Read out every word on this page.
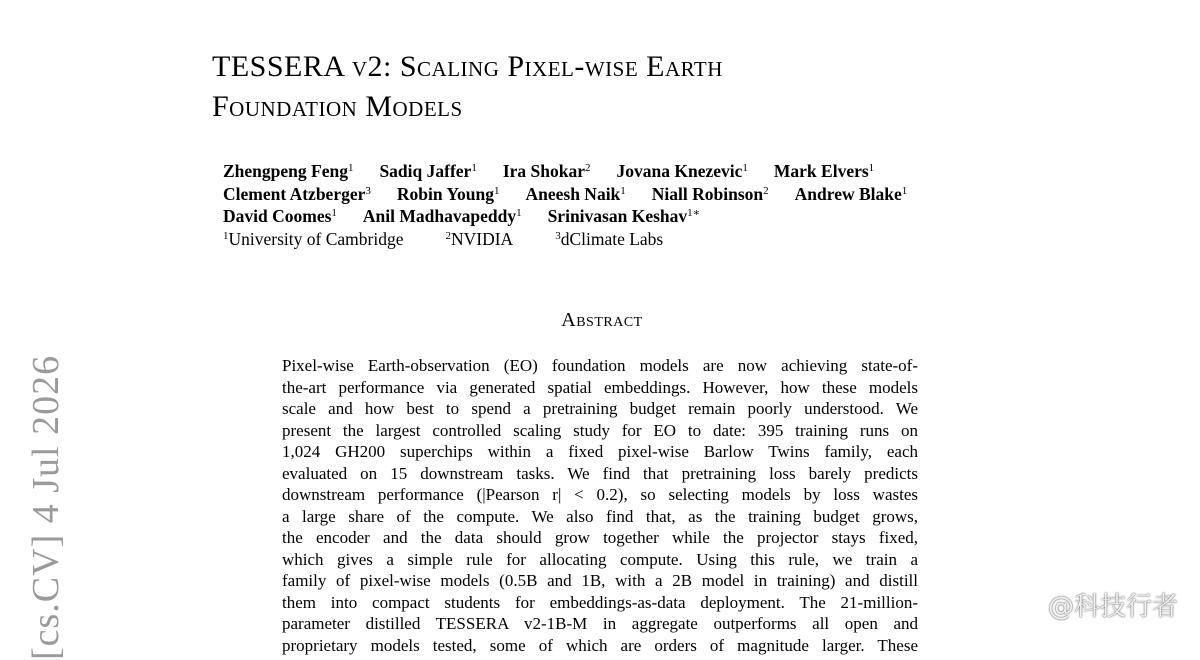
TESSERA v2: Scaling Pixel-wise Earth
Foundation Models
Zhengpeng Feng$^1$ Sadiq Jaffer$^1$ Ira Shokar$^2$ Jovana Knezevic$^1$ Mark Elvers$^1$
Clement Atzberger$^3$ Robin Young$^1$ Aneesh Naik$^1$ Niall Robinson$^2$ Andrew Blake$^1$
David Coomes$^1$ Anil Madhavapeddy$^1$ Srinivasan Keshav$^{1∗}$
$^1$University of Cambridge	$^2$NVIDIA	$^3$dClimate Labs
Abstract
Pixel-wise Earth-observation (EO) foundation models are now achieving state-of-
the-art performance via generated spatial embeddings. However, how these models
scale and how best to spend a pretraining budget remain poorly understood. We
present the largest controlled scaling study for EO to date: 395 training runs on
1,024 GH200 superchips within a fixed pixel-wise Barlow Twins family, each
evaluated on 15 downstream tasks. We find that pretraining loss barely predicts
downstream performance (|Pearson r| < 0.2), so selecting models by loss wastes
a large share of the compute. We also find that, as the training budget grows,
the encoder and the data should grow together while the projector stays fixed,
which gives a simple rule for allocating compute. Using this rule, we train a
family of pixel-wise models (0.5B and 1B, with a 2B model in training) and distill
them into compact students for embeddings-as-data deployment. The 21-million-
parameter distilled TESSERA v2-1B-M in aggregate outperforms all open and
proprietary models tested, some of which are orders of magnitude larger. These
[cs.CV] 4 Jul 2026	@科技行者
